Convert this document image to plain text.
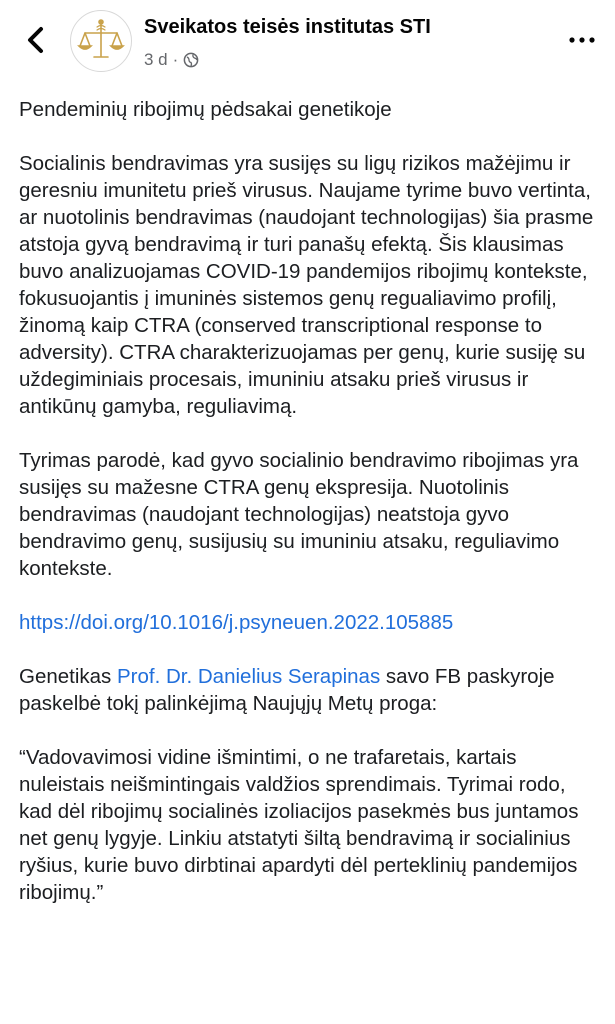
Sveikatos teisės institutas STI
3 d ·

Pendeminių ribojimų pėdsakai genetikoje

Socialinis bendravimas yra susijęs su ligų rizikos mažėjimu ir geresniu imunitetu prieš virusus. Naujame tyrime buvo vertinta, ar nuotolinis bendravimas (naudojant technologijas) šia prasme atstoja gyvą bendravimą ir turi panašų efektą. Šis klausimas buvo analizuojamas COVID-19 pandemijos ribojimų kontekste, fokusuojantis į imuninės sistemos genų regualiavimo profilį, žinomą kaip CTRA (conserved transcriptional response to adversity). CTRA charakterizuojamas per genų, kurie susiję su uždegiminiais procesais, imuniniu atsaku prieš virusus ir antikūnų gamyba, reguliavimą.

Tyrimas parodė, kad gyvo socialinio bendravimo ribojimas yra susijęs su mažesne CTRA genų ekspresija. Nuotolinis bendravimas (naudojant technologijas) neatstoja gyvo bendravimo genų, susijusių su imuniniu atsaku, reguliavimo kontekste.

https://doi.org/10.1016/j.psyneuen.2022.105885

Genetikas Prof. Dr. Danielius Serapinas savo FB paskyroje paskelbė tokį palinkėjimą Naujųjų Metų proga:

“Vadovavimosi vidine išmintimi, o ne trafaretais, kartais nuleistais neišmintingais valdžios sprendimais. Tyrimai rodo, kad dėl ribojimų socialinės izoliacijos pasekmės bus juntamos net genų lygyje. Linkiu atstatyti šiltą bendravimą ir socialinius ryšius, kurie buvo dirbtinai apardyti dėl perteklinių pandemijos ribojimų.”
